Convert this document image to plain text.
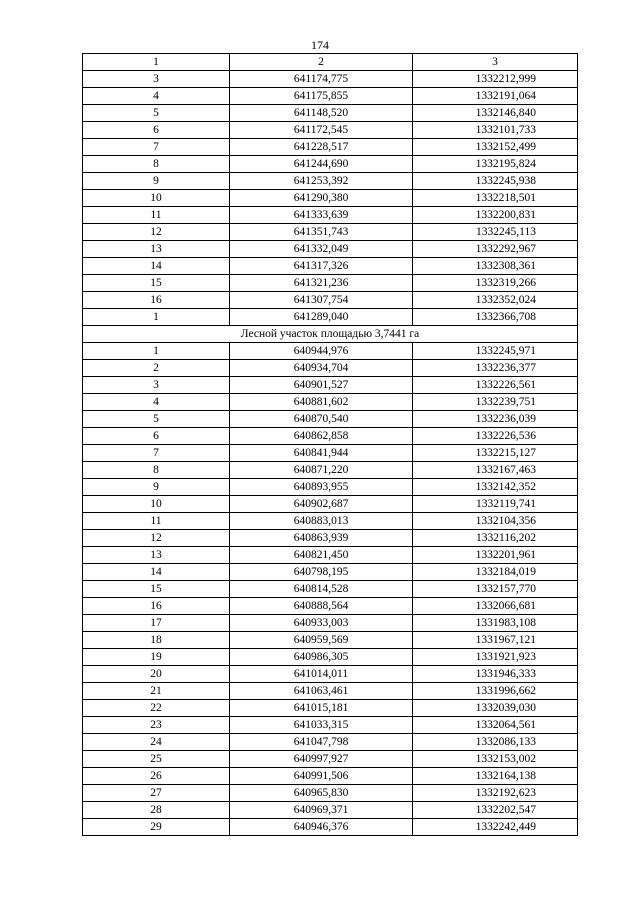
174
1	2	3
3	641174,775	1332212,999
4	641175,855	1332191,064
5	641148,520	1332146,840
6	641172,545	1332101,733
7	641228,517	1332152,499
8	641244,690	1332195,824
9	641253,392	1332245,938
10	641290,380	1332218,501
11	641333,639	1332200,831
12	641351,743	1332245,113
13	641332,049	1332292,967
14	641317,326	1332308,361
15	641321,236	1332319,266
16	641307,754	1332352,024
1	641289,040	1332366,708
Лесной участок площадью 3,7441 га		
1	640944,976	1332245,971
2	640934,704	1332236,377
3	640901,527	1332226,561
4	640881,602	1332239,751
5	640870,540	1332236,039
6	640862,858	1332226,536
7	640841,944	1332215,127
8	640871,220	1332167,463
9	640893,955	1332142,352
10	640902,687	1332119,741
11	640883,013	1332104,356
12	640863,939	1332116,202
13	640821,450	1332201,961
14	640798,195	1332184,019
15	640814,528	1332157,770
16	640888,564	1332066,681
17	640933,003	1331983,108
18	640959,569	1331967,121
19	640986,305	1331921,923
20	641014,011	1331946,333
21	641063,461	1331996,662
22	641015,181	1332039,030
23	641033,315	1332064,561
24	641047,798	1332086,133
25	640997,927	1332153,002
26	640991,506	1332164,138
27	640965,830	1332192,623
28	640969,371	1332202,547
29	640946,376	1332242,449
